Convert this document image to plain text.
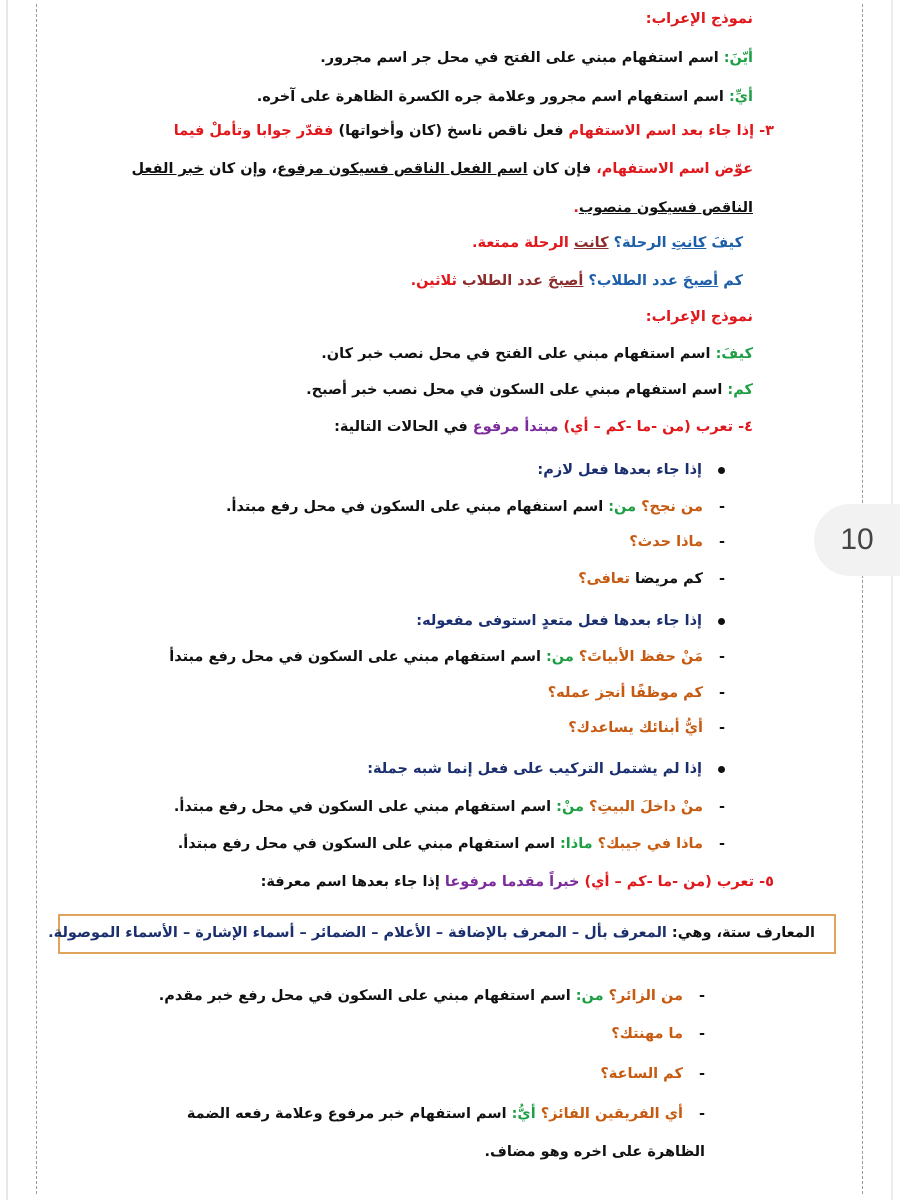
10
نموذج الإعراب:
أيّنَ: اسم استفهام مبني على الفتح في محل جر اسم مجرور.
أيِّ: اسم استفهام اسم مجرور وعلامة جره الكسرة الظاهرة على آخره.
٣- إذا جاء بعد اسم الاستفهام فعل ناقص ناسخ (كان وأخواتها) فقدّر جوابا وتأملْ فيما
عوّض اسم الاستفهام، فإن كان اسم الفعل الناقص فسيكون مرفوع، وإن كان خبر الفعل
الناقص فسيكون منصوب.
كيفَ كانتِ الرحلة؟ كانت الرحلة ممتعة.
كم أصبحَ عدد الطلاب؟ أصبحَ عدد الطلاب ثلاثين.
نموذج الإعراب:
كيفَ: اسم استفهام مبني على الفتح في محل نصب خبر كان.
كم: اسم استفهام مبني على السكون في محل نصب خبر أصبح.
٤- تعرب (من -ما -كم – أي) مبتدأ مرفوع في الحالات التالية:
إذا جاء بعدها فعل لازم:
-من نجح؟ من: اسم استفهام مبني على السكون في محل رفع مبتدأ.
-ماذا حدث؟
-كم مريضا تعافى؟
إذا جاء بعدها فعل متعدٍ استوفى مفعوله:
-مَنْ حفظ الأبياتَ؟ من: اسم استفهام مبني على السكون في محل رفع مبتدأ
-كم موظفًا أنجز عمله؟
-أيُّ أبنائك يساعدك؟
إذا لم يشتمل التركيب على فعل إنما شبه جملة:
-منْ داخلَ البيتِ؟ منْ: اسم استفهام مبني على السكون في محل رفع مبتدأ.
-ماذا في جيبك؟ ماذا: اسم استفهام مبني على السكون في محل رفع مبتدأ.
٥- تعرب (من -ما -كم – أي) خبراً مقدما مرفوعا إذا جاء بعدها اسم معرفة:
المعارف ستة، وهي: المعرف بأل – المعرف بالإضافة – الأعلام – الضمائر – أسماء الإشارة – الأسماء الموصولة.
-من الزائر؟ من: اسم استفهام مبني على السكون في محل رفع خبر مقدم.
-ما مهنتك؟
-كم الساعة؟
-أي الفريقين الفائز؟ أيُّ: اسم استفهام خبر مرفوع وعلامة رفعه الضمة
الظاهرة على اخره وهو مضاف.
